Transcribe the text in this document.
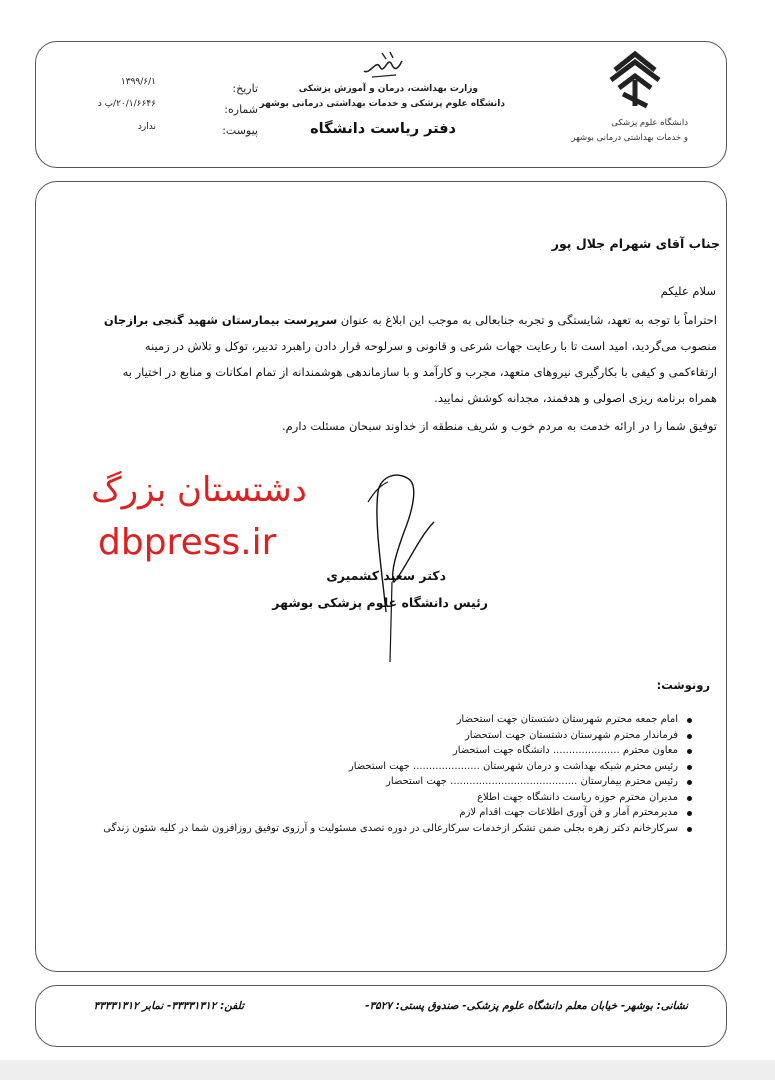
دانشگاه علوم پزشکی
و خدمات بهداشتی درمانی بوشهر
وزارت بهداشت، درمان و آموزش پزشکی
دانشگاه علوم پزشکی و خدمات بهداشتی درمانی بوشهر
دفتر ریاست دانشگاه
تاریخ:
شماره:
پیوست:
۱۳۹۹/۶/۱
۲۰/۱/۶۶۴۶/پ د
ندارد
جناب آقای شهرام جلال پور
سلام علیکم
احتراماً با توجه به تعهد، شایستگی و تجربه جنابعالی به موجب این ابلاغ به عنوان سرپرست بیمارستان شهید گنجی برازجان
منصوب می‌گردید، امید است تا با رعایت جهات شرعی و قانونی و سرلوحه قرار دادن راهبرد تدبیر، توکل و تلاش در زمینه
ارتقاءکمی و کیفی با بکارگیری نیروهای متعهد، مجرب و کارآمد و با سازماندهی هوشمندانه از تمام امکانات و منابع در اختیار به
همراه برنامه ریزی اصولی و هدفمند، مجدانه کوشش نمایید.
توفیق شما را در ارائه خدمت به مردم خوب و شریف منطقه از خداوند سبحان مسئلت دارم.
دشتستان بزرگ
dbpress.ir
دکتر سعید کشمیری
رئیس دانشگاه علوم پزشکی بوشهر
رونوشت:
امام جمعه محترم شهرستان دشتستان جهت استحضار
فرماندار محترم شهرستان دشتستان جهت استحضار
معاون محترم ..................... دانشگاه جهت استحضار
رئیس محترم شبکه بهداشت و درمان شهرستان ..................... جهت استحضار
رئیس محترم بیمارستان ........................................ جهت استحضار
مدیران محترم حوزه ریاست دانشگاه جهت اطلاع
مدیرمحترم آمار و فن آوری اطلاعات جهت اقدام لازم
سرکارخانم دکتر زهره بجلی ضمن تشکر ازخدمات سرکارعالی در دوره تصدی مسئولیت و آرزوی توفیق روزافزون شما در کلیه شئون زندگی
نشانی: بوشهر- خیابان معلم دانشگاه علوم پزشکی- صندوق پستی: ۳۵۲۷-
تلفن: ۳۳۳۳۱۳۱۲- نمابر ۳۳۳۳۱۳۱۲
